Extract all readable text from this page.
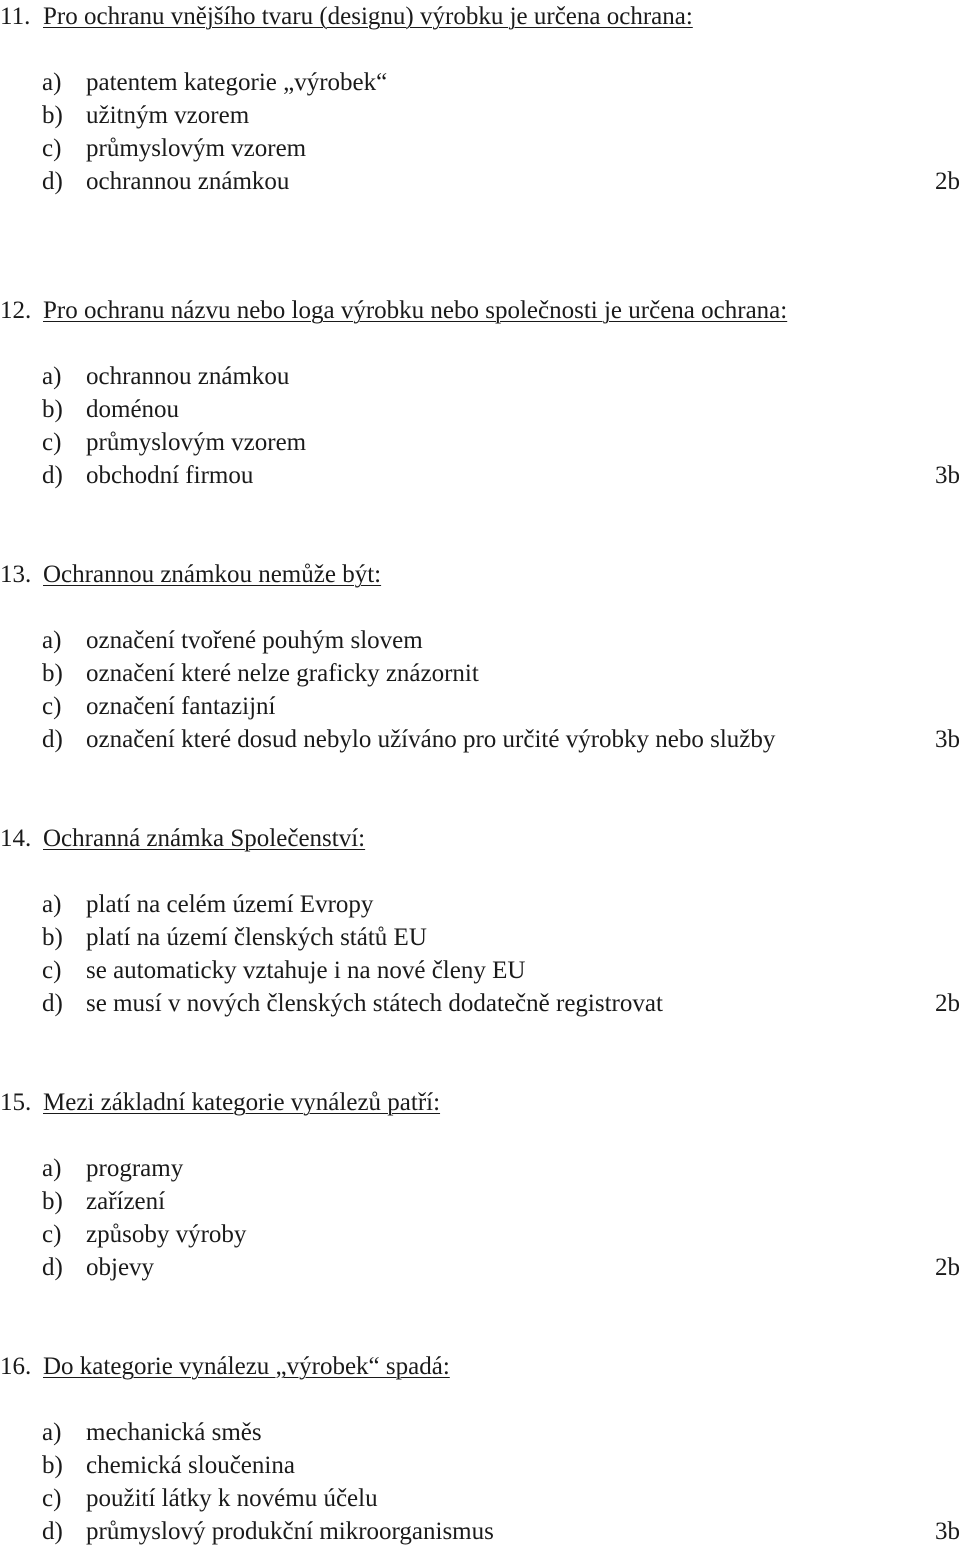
11. Pro ochranu vnějšího tvaru (designu) výrobku je určena ochrana:
a) patentem kategorie „výrobek“
b) užitným vzorem
c) průmyslovým vzorem
d) ochrannou známkou	2b
12. Pro ochranu názvu nebo loga výrobku nebo společnosti je určena ochrana:
a) ochrannou známkou
b) doménou
c) průmyslovým vzorem
d) obchodní firmou	3b
13. Ochrannou známkou nemůže být:
a) označení tvořené pouhým slovem
b) označení které nelze graficky znázornit
c) označení fantazijní
d) označení které dosud nebylo užíváno pro určité výrobky nebo služby	3b
14. Ochranná známka Společenství:
a) platí na celém území Evropy
b) platí na území členských států EU
c) se automaticky vztahuje i na nové členy EU
d) se musí v nových členských státech dodatečně registrovat	2b
15. Mezi základní kategorie vynálezů patří:
a) programy
b) zařízení
c) způsoby výroby
d) objevy	2b
16. Do kategorie vynálezu „výrobek“ spadá:
a) mechanická směs
b) chemická sloučenina
c) použití látky k novému účelu
d) průmyslový produkční mikroorganismus	3b
